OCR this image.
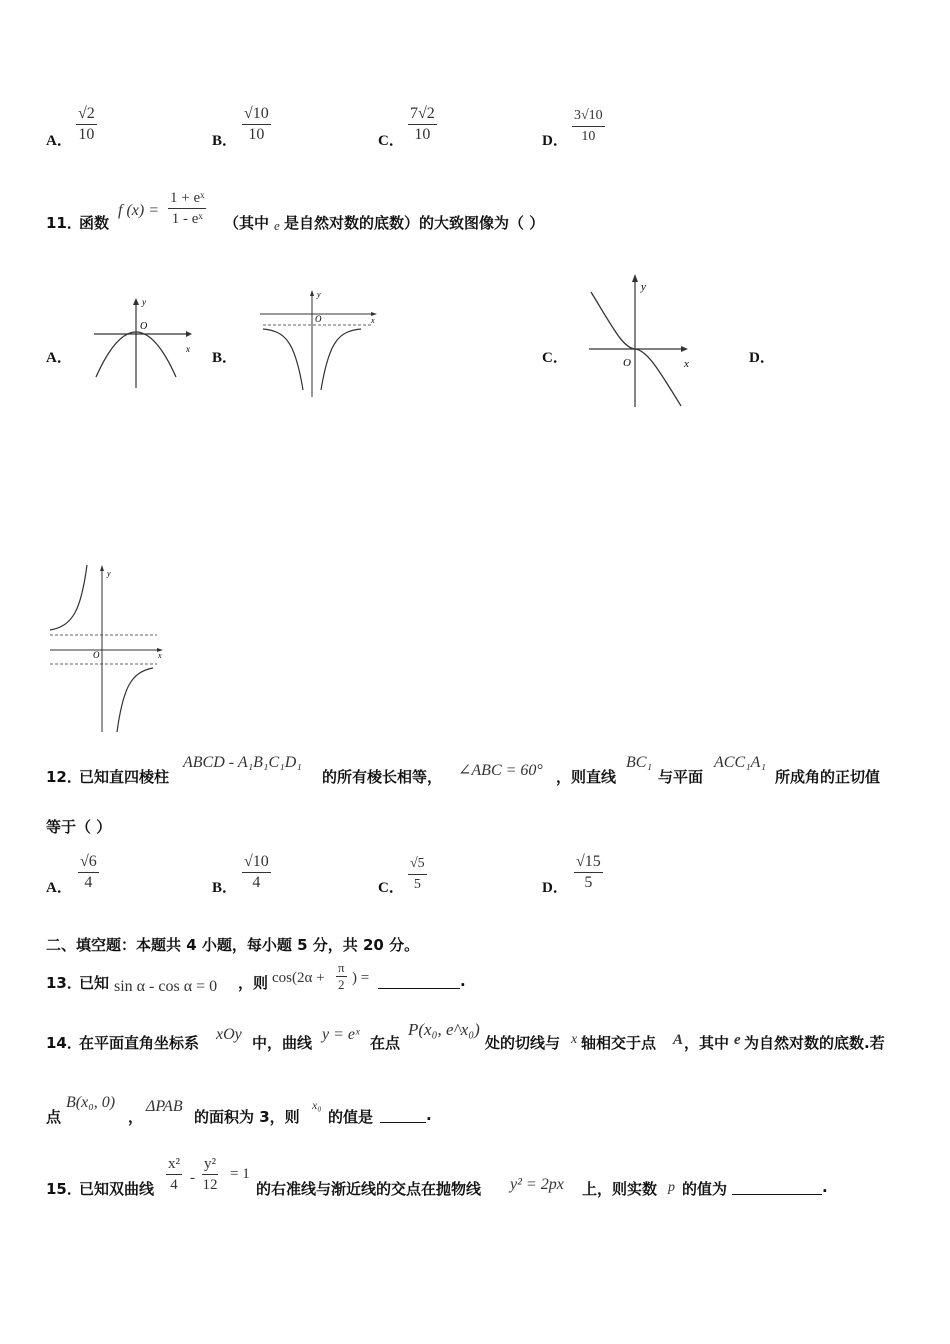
A． $\frac{√2}{10}$	B． $\frac{√10}{10}$	C． $\frac{7√2}{10}$	D． $\frac{3√10}{10}$
11．
函数
f $(x) = \frac{\text{1 + eˣ}}{\text{1 - eˣ}}$ （其中 e 是自然对数的底数）的大致图像为（ ）
A．	B．	C．	D．
y
x
O
y
x
O
y
x
O
y
x
O
12．
已知直四棱柱
ABCD - A₁B₁C₁D₁
的所有棱长相等， ∠ABC = 60° ，则直线
BC₁
与平面
ACC₁A₁
所成角的正切值
等于（ ）
A． $\frac{√6}{4}$	B． $\frac{√10}{4}$	C． $\frac{√5}{5}$	D． $\frac{√15}{5}$
二、填空题：本题共 4 小题，每小题 5 分，共 20 分。
13．
已知 sin α - cos α = 0 ，则 $\cos(2\alpha + \frac{\pi}{2}$ ) =	.
14．
在平面直角坐标系 xOy 中，曲线 y = eˣ 在点
P(x₀, e^x₀)
处的切线与 x 轴相交于点 A ，其中 e 为自然对数的底数.若
点
B(x₀, 0)
，
ΔPAB
的面积为 3，则
x₀
的值是	.
15．
已知双曲线 $\frac{\text{x²}}{4} - \frac{\text{y²}}{12} = 1$
的右准线与渐近线的交点在抛物线 y² = 2px 上，则实数 p 的值为	.
